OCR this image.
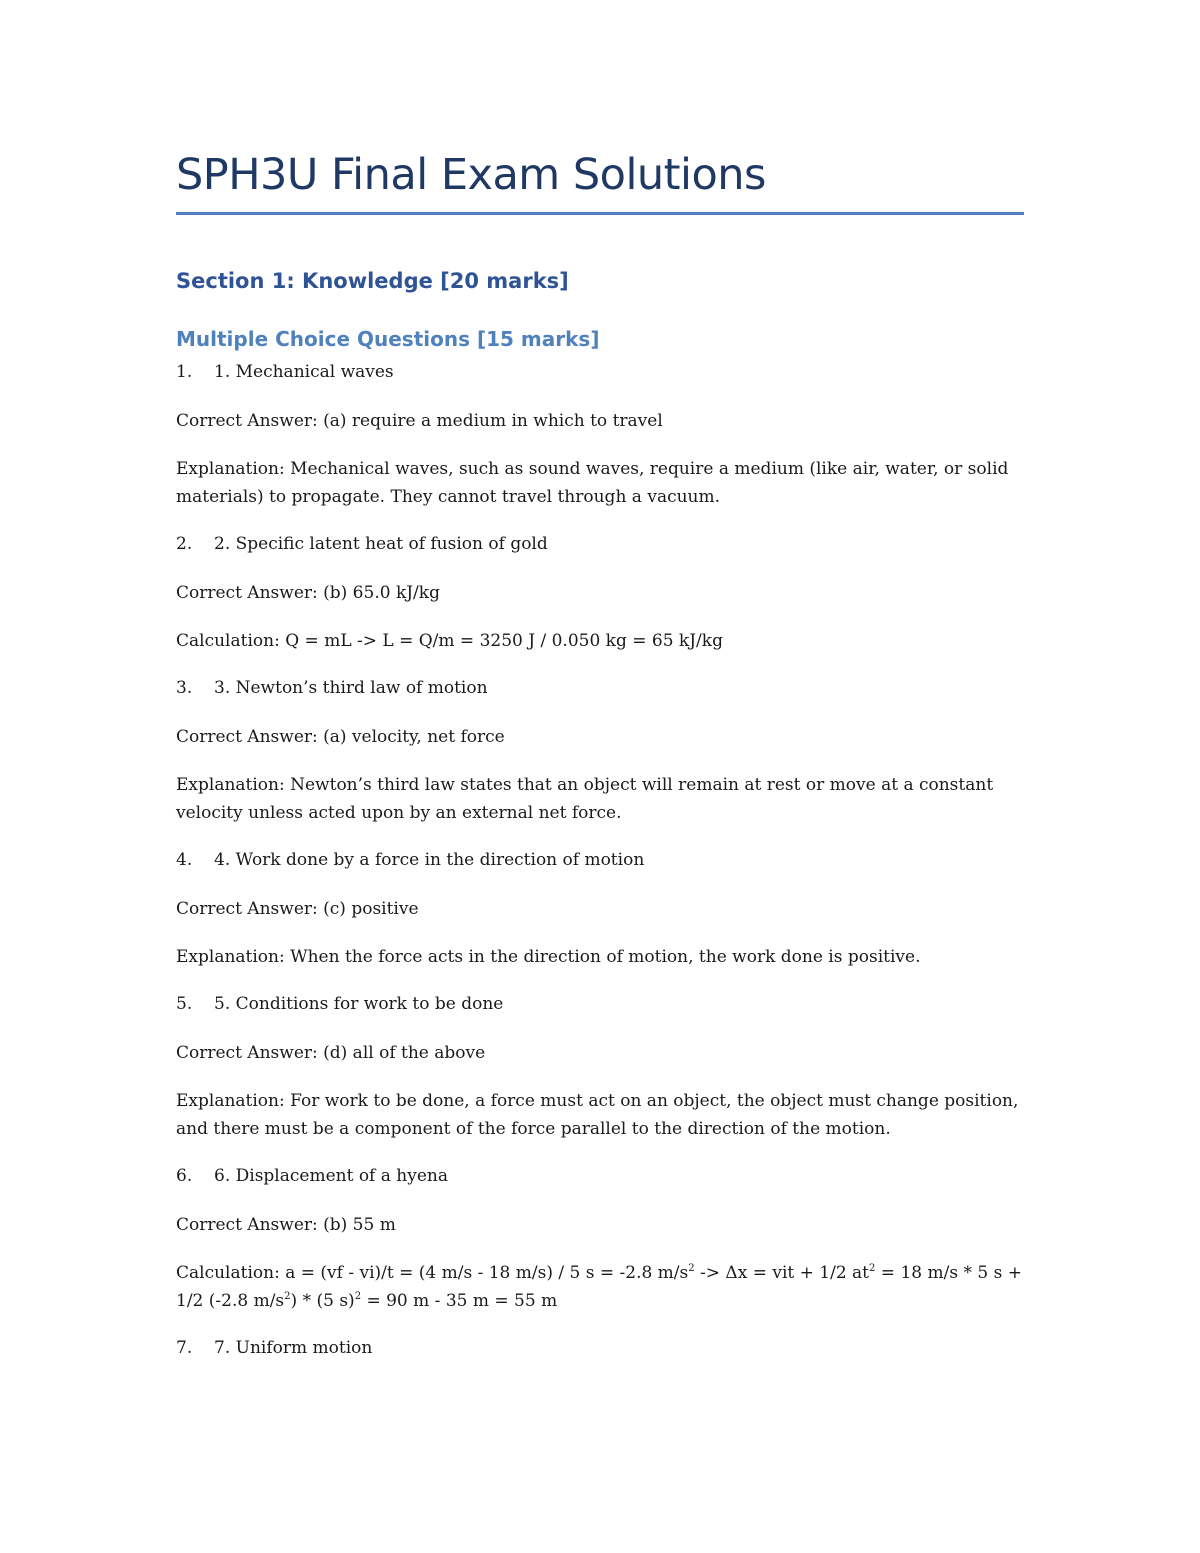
SPH3U Final Exam Solutions
Section 1: Knowledge [20 marks]
Multiple Choice Questions [15 marks]
1.	1. Mechanical waves

Correct Answer: (a) require a medium in which to travel

Explanation: Mechanical waves, such as sound waves, require a medium (like air, water, or solid materials) to propagate. They cannot travel through a vacuum.

2.	2. Specific latent heat of fusion of gold

Correct Answer: (b) 65.0 kJ/kg

Calculation: Q = mL -> L = Q/m = 3250 J / 0.050 kg = 65 kJ/kg

3.	3. Newton’s third law of motion

Correct Answer: (a) velocity, net force

Explanation: Newton’s third law states that an object will remain at rest or move at a constant velocity unless acted upon by an external net force.

4.	4. Work done by a force in the direction of motion

Correct Answer: (c) positive

Explanation: When the force acts in the direction of motion, the work done is positive.

5.	5. Conditions for work to be done

Correct Answer: (d) all of the above

Explanation: For work to be done, a force must act on an object, the object must change position, and there must be a component of the force parallel to the direction of the motion.

6.	6. Displacement of a hyena

Correct Answer: (b) 55 m

Calculation: a = (vf - vi)/t = (4 m/s - 18 m/s) / 5 s = -2.8 $m/s^2 -> \Delta x$ = vit + 1/2 $at^2 = 18$ m/s * 5 s + 1/2 (-2.8 $m/s^2) * (5$ s)$^2$ = 90 m - 35 m = 55 m

7.	7. Uniform motion
